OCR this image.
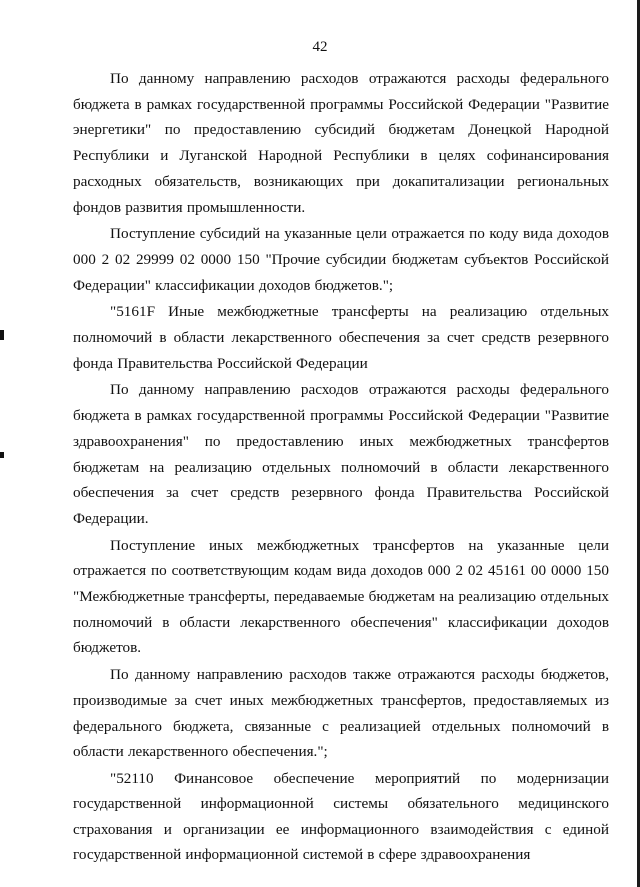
42

По данному направлению расходов отражаются расходы федерального бюджета в рамках государственной программы Российской Федерации "Развитие энергетики" по предоставлению субсидий бюджетам Донецкой Народной Республики и Луганской Народной Республики в целях софинансирования расходных обязательств, возникающих при докапитализации региональных фондов развития промышленности.

Поступление субсидий на указанные цели отражается по коду вида доходов 000 2 02 29999 02 0000 150 "Прочие субсидии бюджетам субъектов Российской Федерации" классификации доходов бюджетов.";

"5161F Иные межбюджетные трансферты на реализацию отдельных полномочий в области лекарственного обеспечения за счет средств резервного фонда Правительства Российской Федерации

По данному направлению расходов отражаются расходы федерального бюджета в рамках государственной программы Российской Федерации "Развитие здравоохранения" по предоставлению иных межбюджетных трансфертов бюджетам на реализацию отдельных полномочий в области лекарственного обеспечения за счет средств резервного фонда Правительства Российской Федерации.

Поступление иных межбюджетных трансфертов на указанные цели отражается по соответствующим кодам вида доходов 000 2 02 45161 00 0000 150 "Межбюджетные трансферты, передаваемые бюджетам на реализацию отдельных полномочий в области лекарственного обеспечения" классификации доходов бюджетов.

По данному направлению расходов также отражаются расходы бюджетов, производимые за счет иных межбюджетных трансфертов, предоставляемых из федерального бюджета, связанные с реализацией отдельных полномочий в области лекарственного обеспечения.";

"52110 Финансовое обеспечение мероприятий по модернизации государственной информационной системы обязательного медицинского страхования и организации ее информационного взаимодействия с единой государственной информационной системой в сфере здравоохранения
